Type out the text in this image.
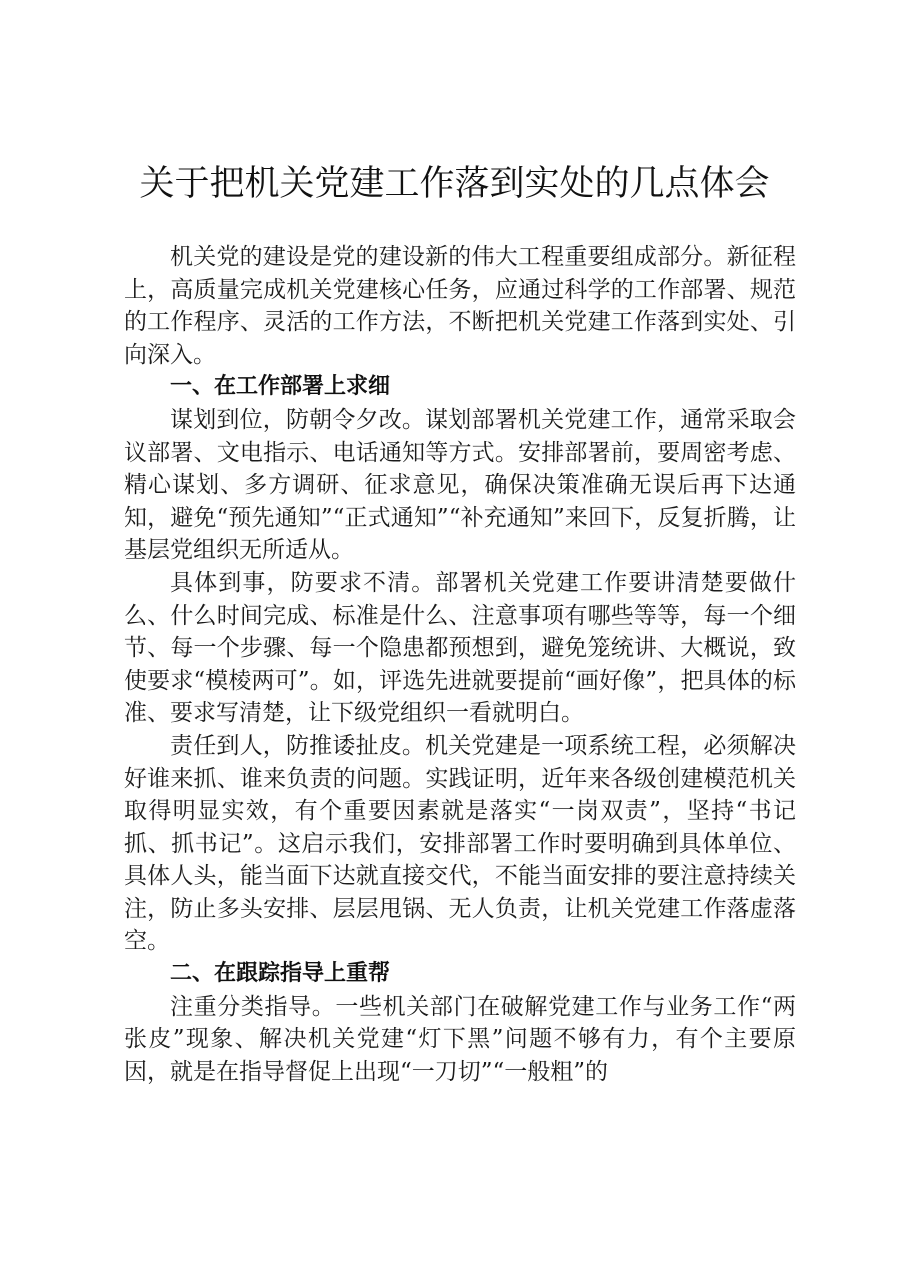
关于把机关党建工作落到实处的几点体会

机关党的建设是党的建设新的伟大工程重要组成部分。新征程上，高质量完成机关党建核心任务，应通过科学的工作部署、规范的工作程序、灵活的工作方法，不断把机关党建工作落到实处、引向深入。

一、在工作部署上求细

谋划到位，防朝令夕改。谋划部署机关党建工作，通常采取会议部署、文电指示、电话通知等方式。安排部署前，要周密考虑、精心谋划、多方调研、征求意见，确保决策准确无误后再下达通知，避免“预先通知”“正式通知”“补充通知”来回下，反复折腾，让基层党组织无所适从。

具体到事，防要求不清。部署机关党建工作要讲清楚要做什么、什么时间完成、标准是什么、注意事项有哪些等等，每一个细节、每一个步骤、每一个隐患都预想到，避免笼统讲、大概说，致使要求“模棱两可”。如，评选先进就要提前“画好像”，把具体的标准、要求写清楚，让下级党组织一看就明白。

责任到人，防推诿扯皮。机关党建是一项系统工程，必须解决好谁来抓、谁来负责的问题。实践证明，近年来各级创建模范机关取得明显实效，有个重要因素就是落实“一岗双责”，坚持“书记抓、抓书记”。这启示我们，安排部署工作时要明确到具体单位、具体人头，能当面下达就直接交代，不能当面安排的要注意持续关注，防止多头安排、层层甩锅、无人负责，让机关党建工作落虚落空。

二、在跟踪指导上重帮

注重分类指导。一些机关部门在破解党建工作与业务工作“两张皮”现象、解决机关党建“灯下黑”问题不够有力，有个主要原因，就是在指导督促上出现“一刀切”“一般粗”的
